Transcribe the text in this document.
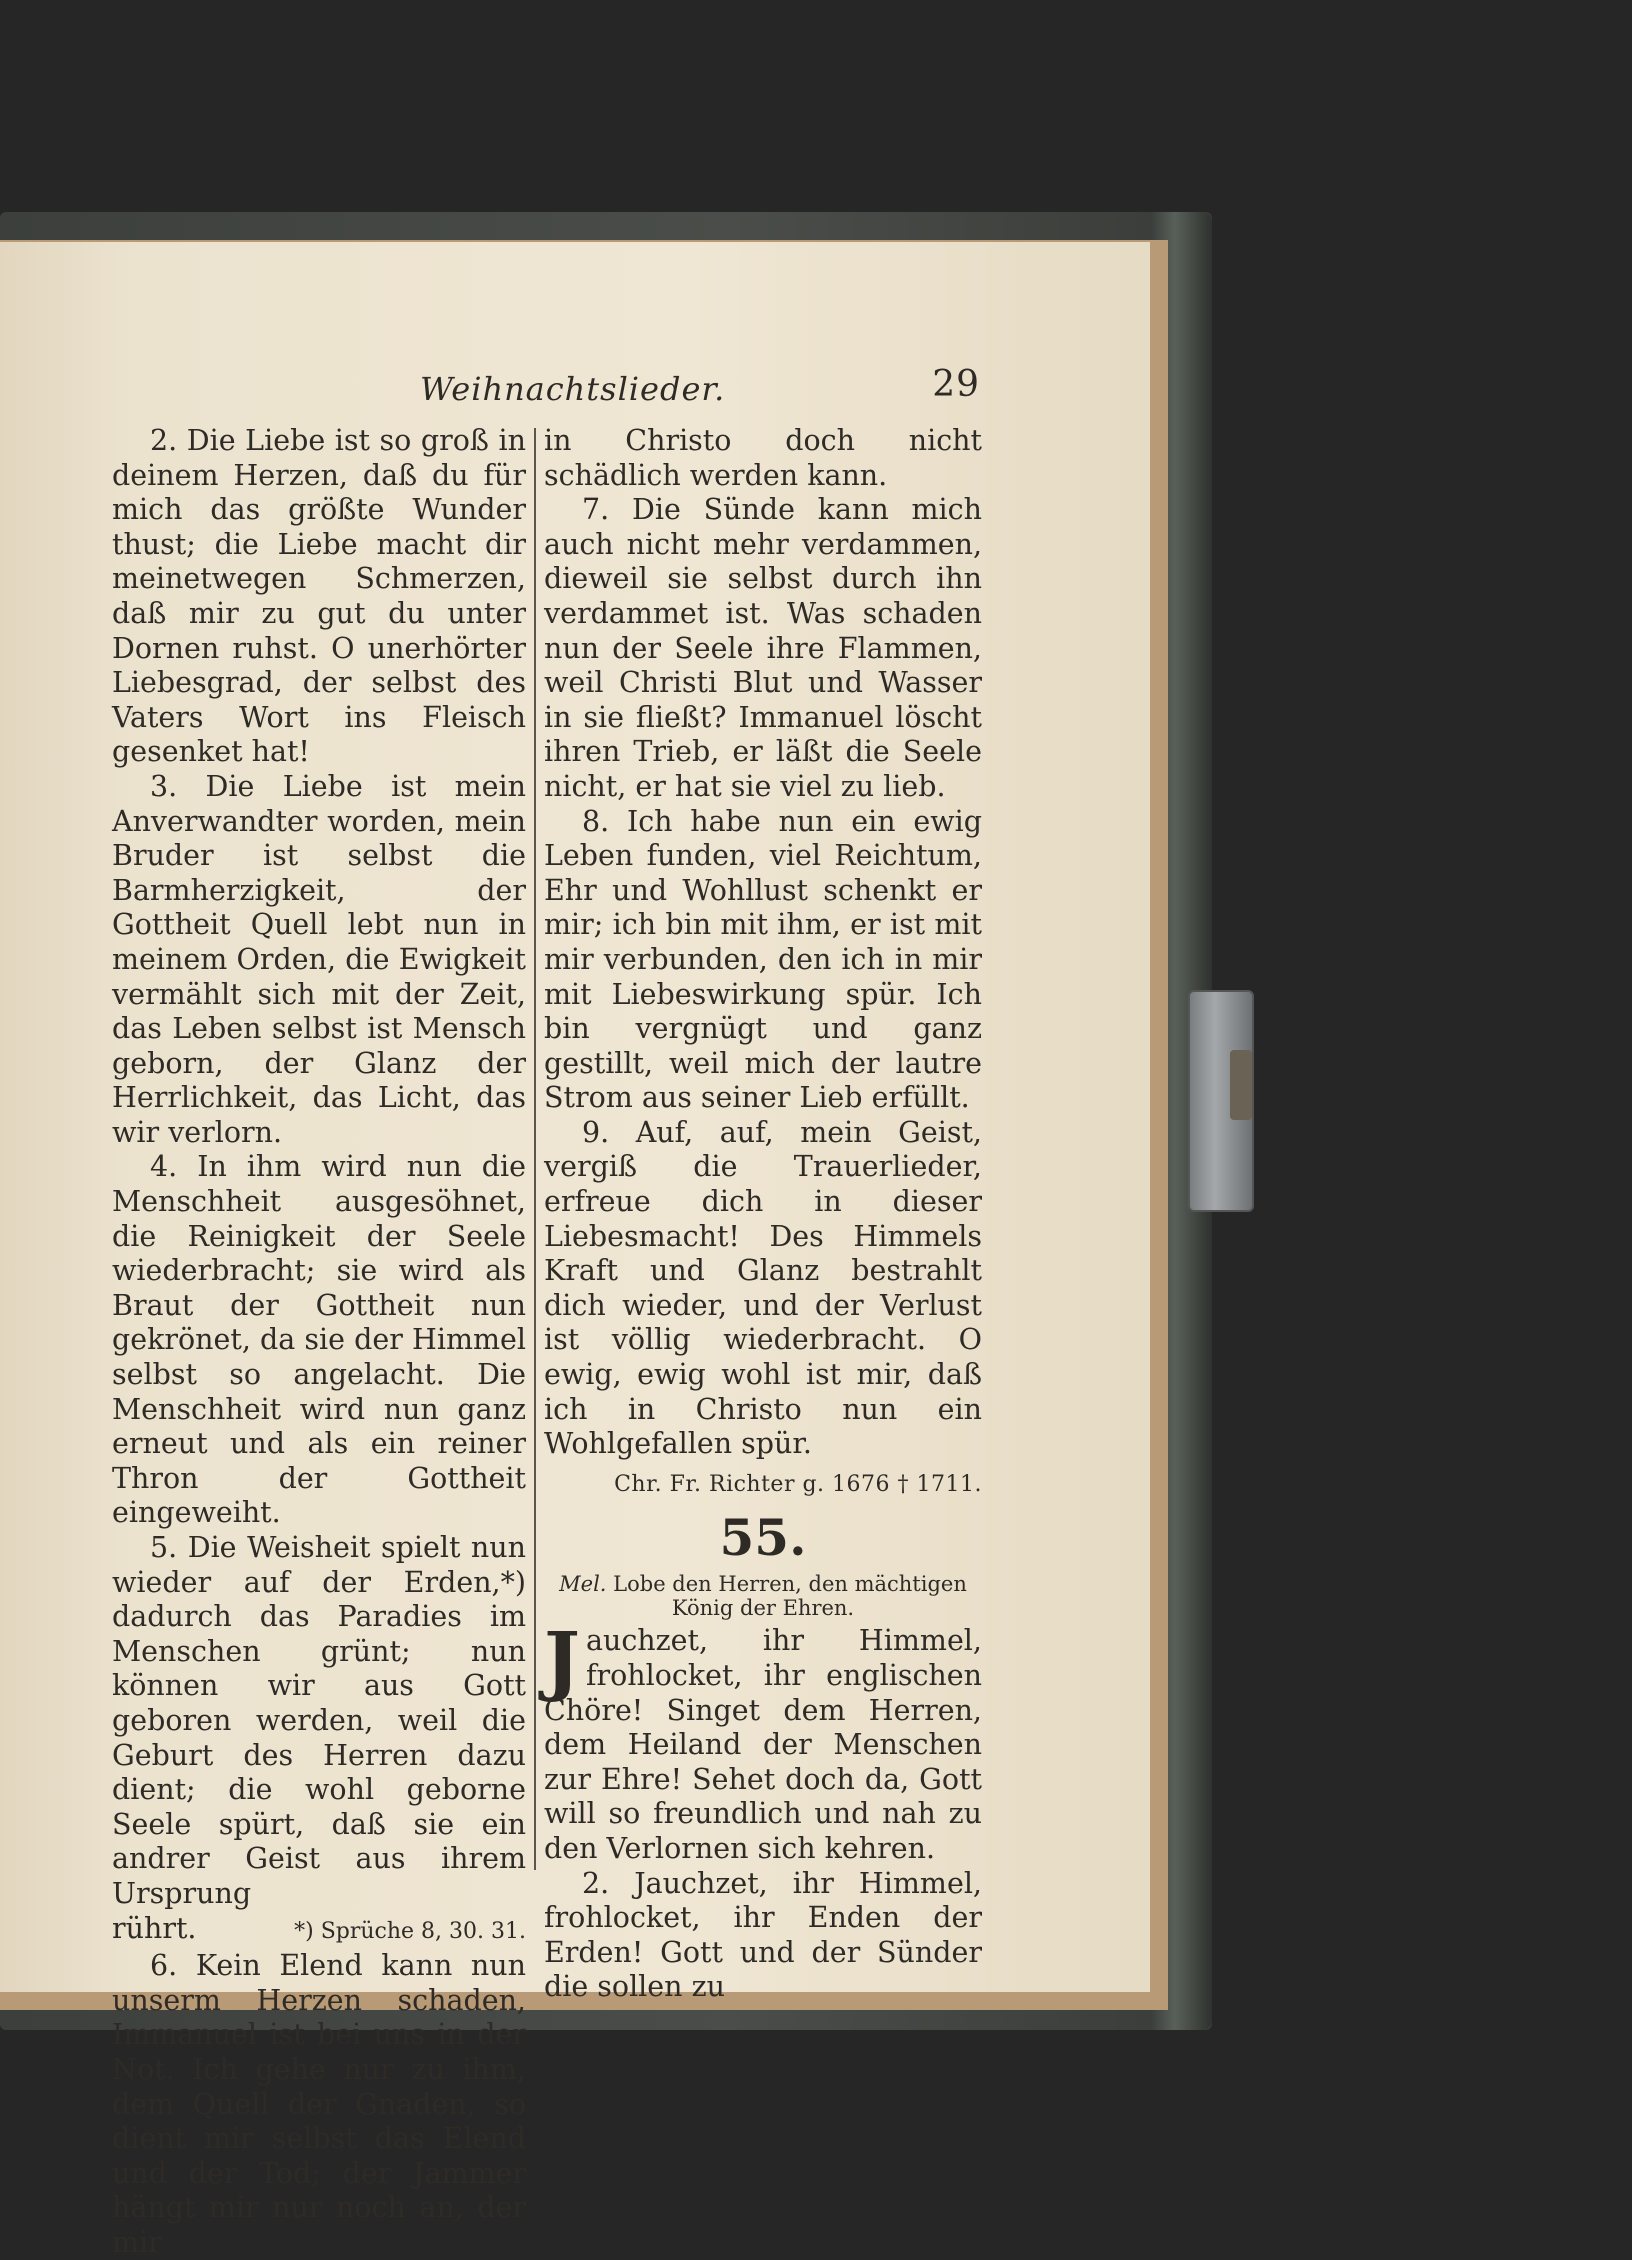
Weihnachtslieder.	29

2. Die Liebe ist so groß in deinem Herzen, daß du für mich das größte Wunder thust; die Liebe macht dir meinetwegen Schmerzen, daß mir zu gut du unter Dornen ruhst. O unerhörter Liebesgrad, der selbst des Vaters Wort ins Fleisch gesenket hat!

3. Die Liebe ist mein Anverwandter worden, mein Bruder ist selbst die Barmherzigkeit, der Gottheit Quell lebt nun in meinem Orden, die Ewigkeit vermählt sich mit der Zeit, das Leben selbst ist Mensch geborn, der Glanz der Herrlichkeit, das Licht, das wir verlorn.

4. In ihm wird nun die Menschheit ausgesöhnet, die Reinigkeit der Seele wiederbracht; sie wird als Braut der Gottheit nun gekrönet, da sie der Himmel selbst so angelacht. Die Menschheit wird nun ganz erneut und als ein reiner Thron der Gottheit eingeweiht.

5. Die Weisheit spielt nun wieder auf der Erden,*) dadurch das Paradies im Menschen grünt; nun können wir aus Gott geboren werden, weil die Geburt des Herren dazu dient; die wohl geborne Seele spürt, daß sie ein andrer Geist aus ihrem Ursprung

rührt.	*) Sprüche 8, 30. 31.

6. Kein Elend kann nun unserm Herzen schaden, Immanuel ist bei uns in der Not. Ich gehe nur zu ihm, dem Quell der Gnaden, so dient mir selbst das Elend und der Tod; der Jammer hängt mir nur noch an, der mir

in Christo doch nicht schädlich werden kann.

7. Die Sünde kann mich auch nicht mehr verdammen, dieweil sie selbst durch ihn verdammet ist. Was schaden nun der Seele ihre Flammen, weil Christi Blut und Wasser in sie fließt? Immanuel löscht ihren Trieb, er läßt die Seele nicht, er hat sie viel zu lieb.

8. Ich habe nun ein ewig Leben funden, viel Reichtum, Ehr und Wohllust schenkt er mir; ich bin mit ihm, er ist mit mir verbunden, den ich in mir mit Liebeswirkung spür. Ich bin vergnügt und ganz gestillt, weil mich der lautre Strom aus seiner Lieb erfüllt.

9. Auf, auf, mein Geist, vergiß die Trauerlieder, erfreue dich in dieser Liebesmacht! Des Himmels Kraft und Glanz bestrahlt dich wieder, und der Verlust ist völlig wiederbracht. O ewig, ewig wohl ist mir, daß ich in Christo nun ein Wohlgefallen spür.

Chr. Fr. Richter g. 1676 † 1711.
55.
Mel. Lobe den Herren, den mächtigen König der Ehren.

Jauchzet, ihr Himmel, frohlocket, ihr englischen Chöre! Singet dem Herren, dem Heiland der Menschen zur Ehre! Sehet doch da, Gott will so freundlich und nah zu den Verlornen sich kehren.

2. Jauchzet, ihr Himmel, frohlocket, ihr Enden der Erden! Gott und der Sünder die sollen zu
